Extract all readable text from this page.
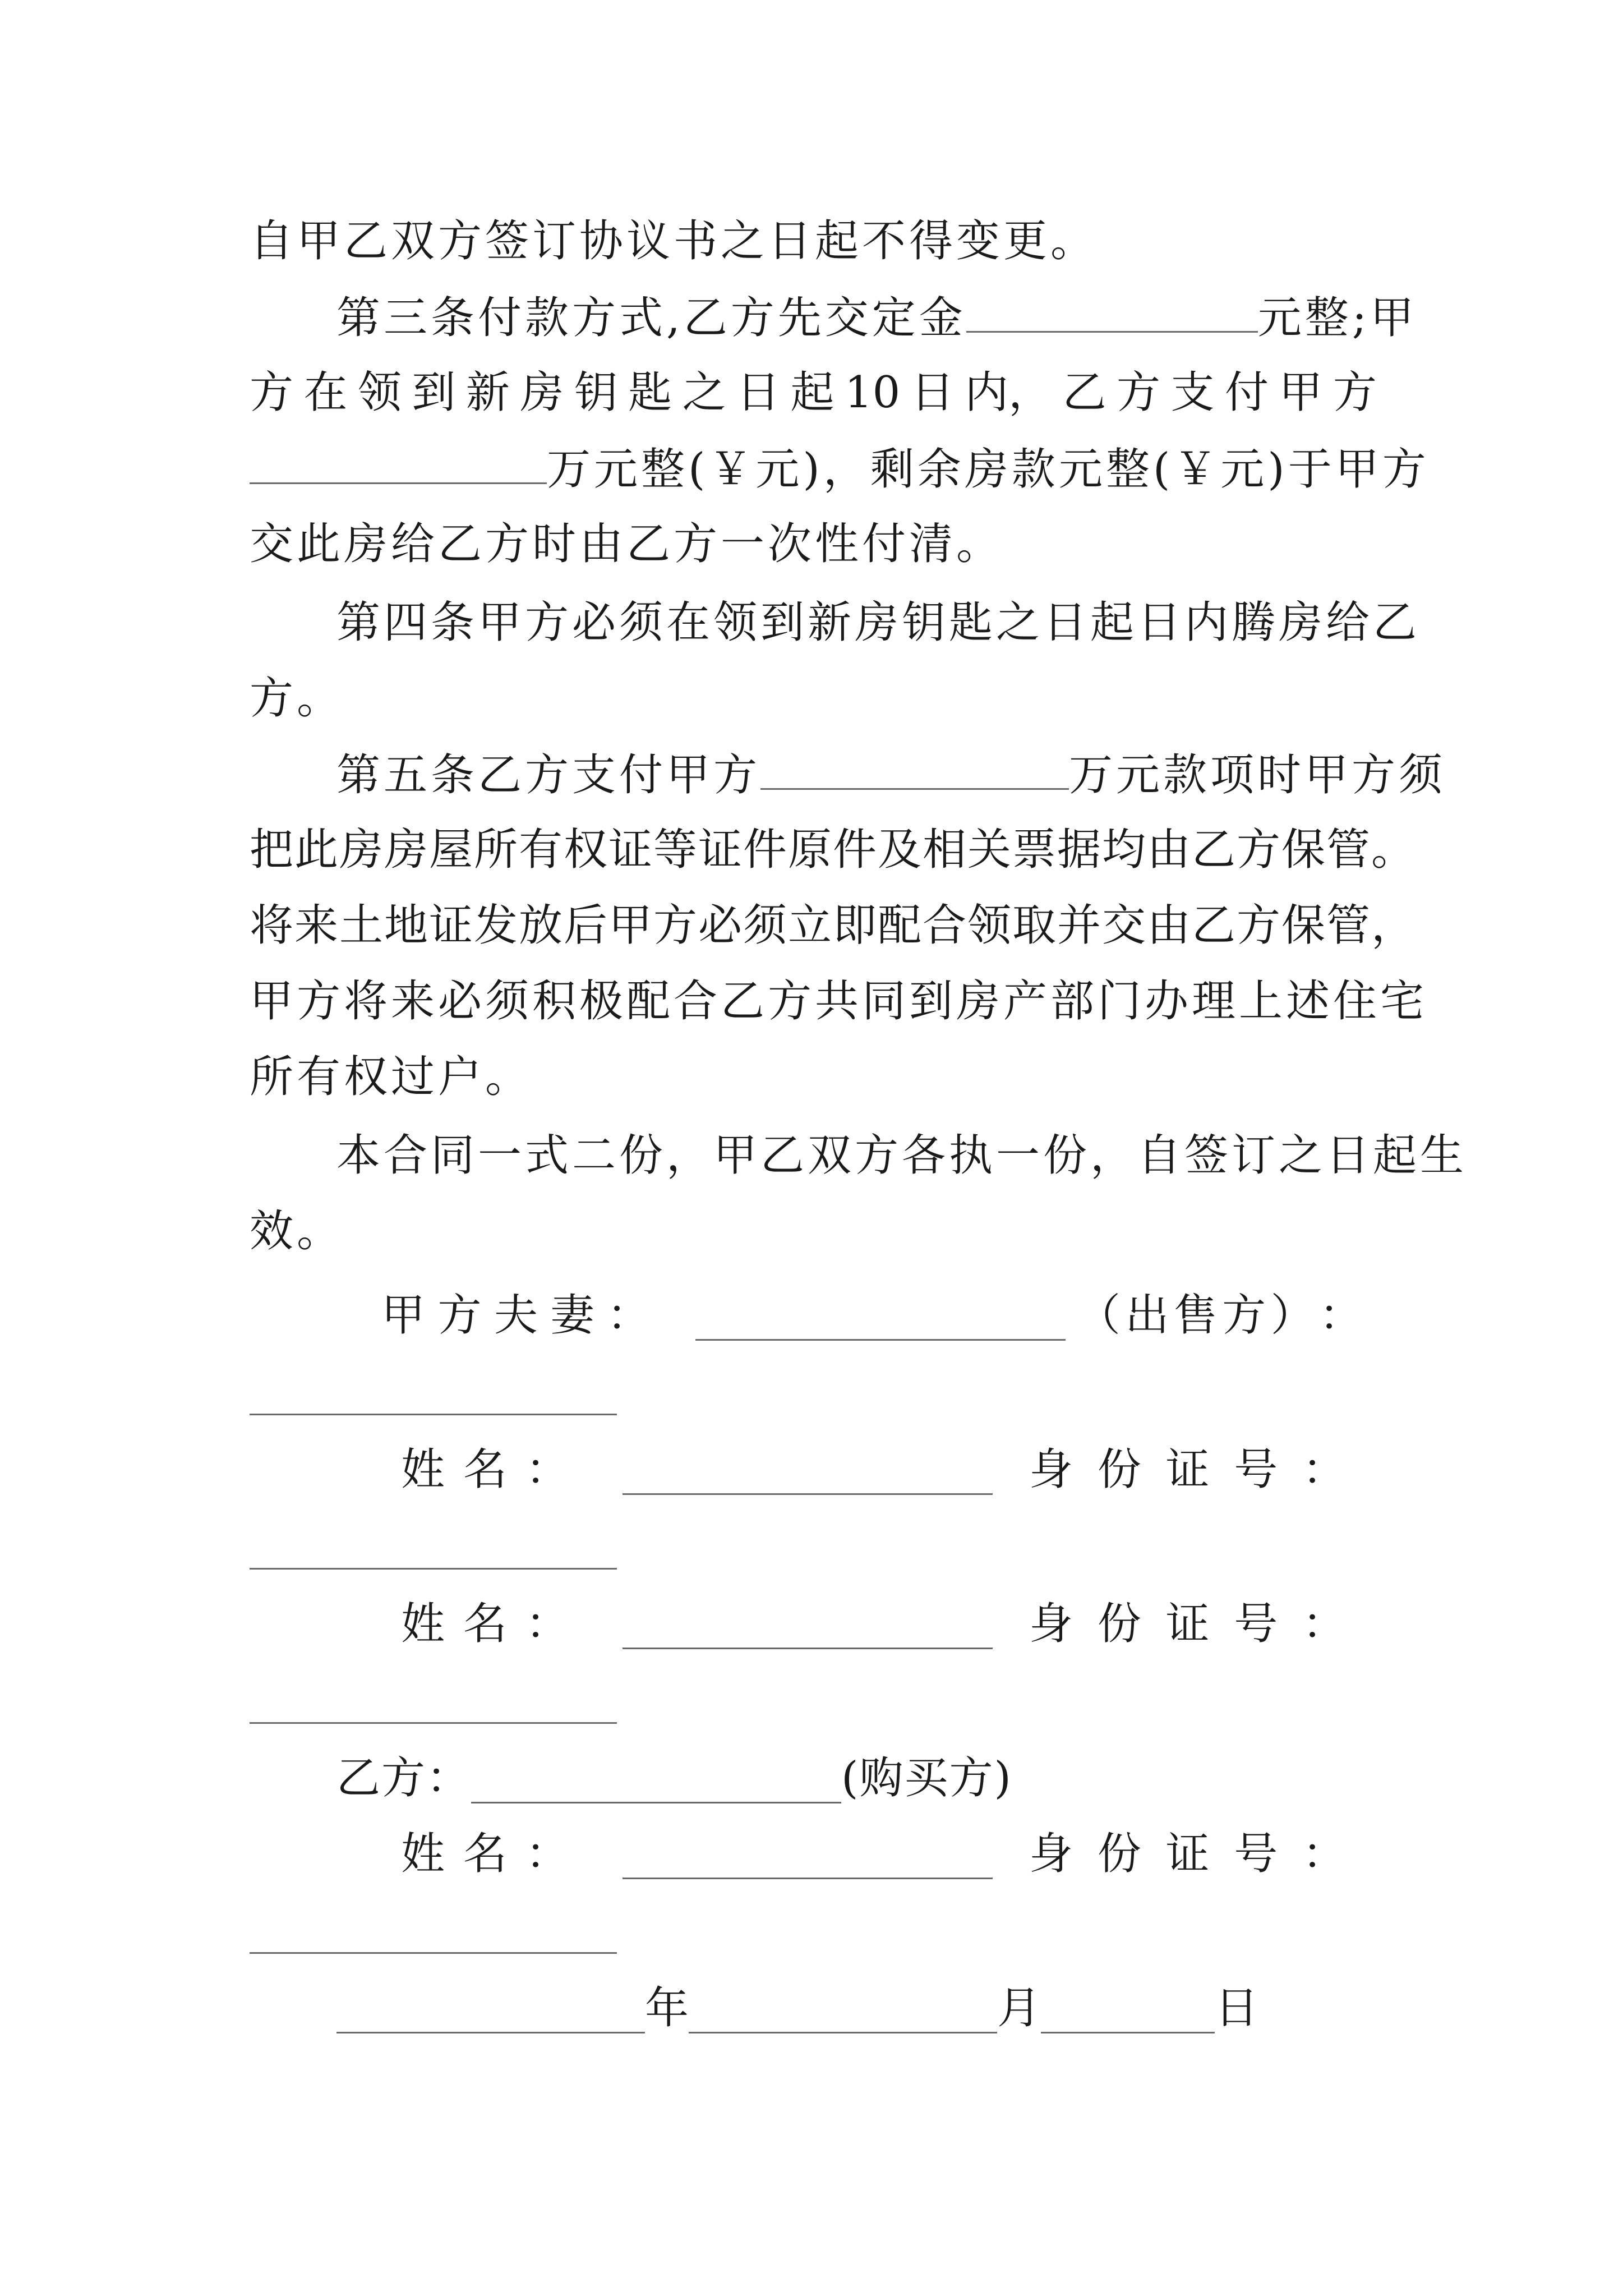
自甲乙双方签订协议书之日起不得变更。
第三条付款方式,乙方先交定金	元整;甲
方 在 领 到 新 房 钥 匙 之 日 起 10 日 内， 乙 方 支 付 甲 方
万元整(￥元)，剩余房款元整(￥元)于甲方
交此房给乙方时由乙方一次性付清。
第四条甲方必须在领到新房钥匙之日起日内腾房给乙
方。
第五条乙方支付甲方	万元款项时甲方须
把此房房屋所有权证等证件原件及相关票据均由乙方保管。
将来土地证发放后甲方必须立即配合领取并交由乙方保管，
甲方将来必须积极配合乙方共同到房产部门办理上述住宅
所有权过户。
本合同一式二份，甲乙双方各执一份，自签订之日起生
效。
甲 方 夫 妻 ：	（ 出 售 方 ） ：
姓 名 ：	身 份 证 号 ：
姓 名 ：	身 份 证 号 ：
乙方：	(购买方)
姓 名 ：	身 份 证 号 ：
年	月	日
